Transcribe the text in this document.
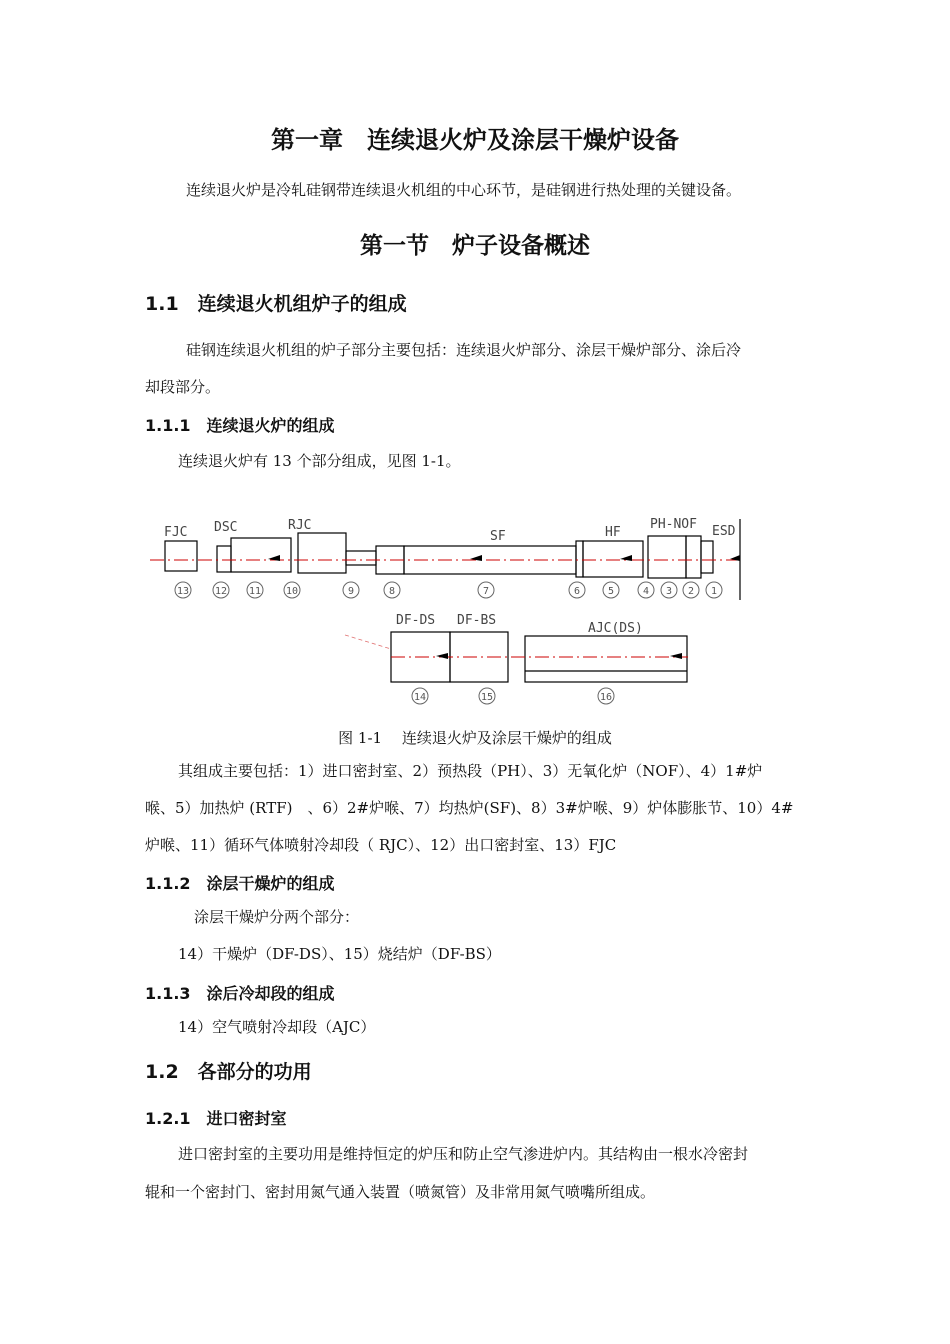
第一章　连续退火炉及涂层干燥炉设备
连续退火炉是冷轧硅钢带连续退火机组的中心环节，是硅钢进行热处理的关键设备。
第一节　炉子设备概述
1.1　连续退火机组炉子的组成
硅钢连续退火机组的炉子部分主要包括：连续退火炉部分、涂层干燥炉部分、涂后冷
却段部分。
1.1.1　连续退火炉的组成
连续退火炉有 13 个部分组成，见图 1-1。
FJC DSC	RJC
SF	HF
PH-NOF ESD
13	12 11 10	9	8	7	6	5	4 3 2 1
DF-DS DF-BS
AJC(DS)
14	15	16
图 1-1　 连续退火炉及涂层干燥炉的组成
其组成主要包括：1）进口密封室、2）预热段（PH）、3）无氧化炉（NOF）、4）1#炉
喉、5）加热炉 (RTF)　、6）2#炉喉、7）均热炉(SF)、8）3#炉喉、9）炉体膨胀节、10）4#
炉喉、11）循环气体喷射冷却段（ RJC）、12）出口密封室、13）FJC
1.1.2　涂层干燥炉的组成
涂层干燥炉分两个部分：
14）干燥炉（DF-DS）、15）烧结炉（DF-BS）
1.1.3　涂后冷却段的组成
14）空气喷射冷却段（AJC）
1.2　各部分的功用
1.2.1　进口密封室
进口密封室的主要功用是维持恒定的炉压和防止空气渗进炉内。其结构由一根水冷密封
辊和一个密封门、密封用氮气通入装置（喷氮管）及非常用氮气喷嘴所组成。
